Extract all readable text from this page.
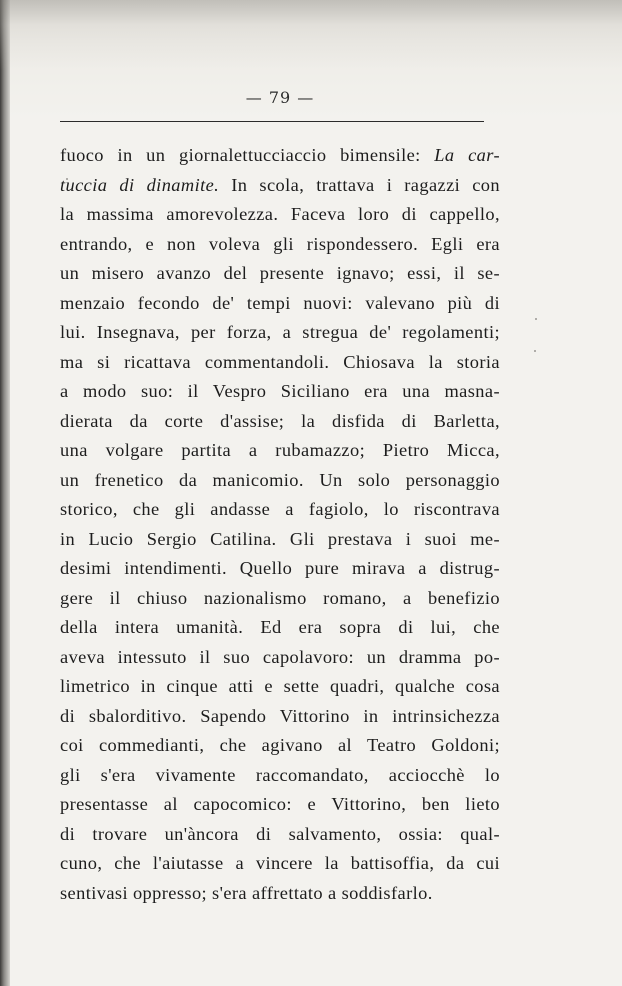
— 79 —
fuoco in un giornalettucciaccio bimensile: La car-
tuccia di dinamite. In scola, trattava i ragazzi con
la massima amorevolezza. Faceva loro di cappello,
entrando, e non voleva gli rispondessero. Egli era
un misero avanzo del presente ignavo; essi, il se-
menzaio fecondo de' tempi nuovi: valevano più di
lui. Insegnava, per forza, a stregua de' regolamenti;
ma si ricattava commentandoli. Chiosava la storia
a modo suo: il Vespro Siciliano era una masna-
dierata da corte d'assise; la disfida di Barletta,
una volgare partita a rubamazzo; Pietro Micca,
un frenetico da manicomio. Un solo personaggio
storico, che gli andasse a fagiolo, lo riscontrava
in Lucio Sergio Catilina. Gli prestava i suoi me-
desimi intendimenti. Quello pure mirava a distrug-
gere il chiuso nazionalismo romano, a benefizio
della intera umanità. Ed era sopra di lui, che
aveva intessuto il suo capolavoro: un dramma po-
limetrico in cinque atti e sette quadri, qualche cosa
di sbalorditivo. Sapendo Vittorino in intrinsichezza
coi commedianti, che agivano al Teatro Goldoni;
gli s'era vivamente raccomandato, acciocchè lo
presentasse al capocomico: e Vittorino, ben lieto
di trovare un'àncora di salvamento, ossia: qual-
cuno, che l'aiutasse a vincere la battisoffia, da cui
sentivasi oppresso; s'era affrettato a soddisfarlo.
